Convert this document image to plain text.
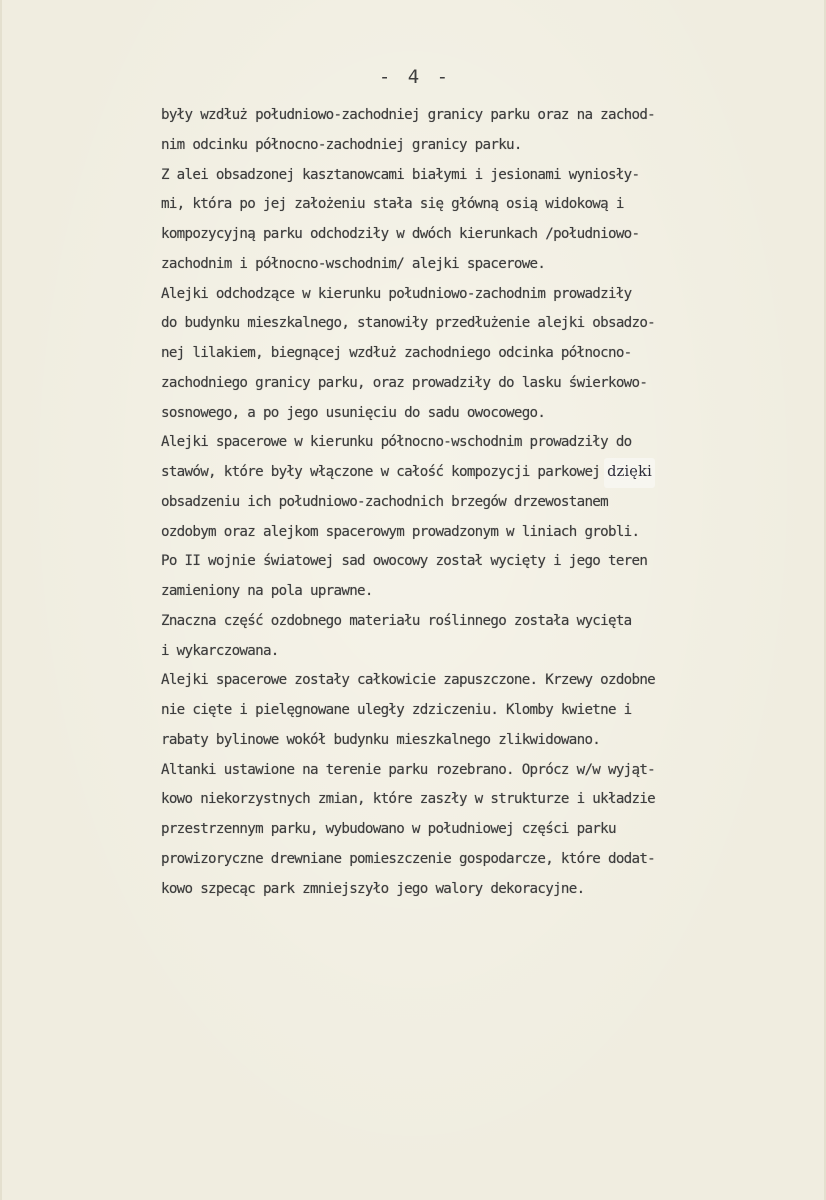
- 4 -
były wzdłuż południowo-zachodniej granicy parku oraz na zachod-
nim odcinku północno-zachodniej granicy parku.
Z alei obsadzonej kasztanowcami białymi i jesionami wyniosły-
mi, która po jej założeniu stała się główną osią widokową i
kompozycyjną parku odchodziły w dwóch kierunkach /południowo-
zachodnim i północno-wschodnim/ alejki spacerowe.
Alejki odchodzące w kierunku południowo-zachodnim prowadziły
do budynku mieszkalnego, stanowiły przedłużenie alejki obsadzo-
nej lilakiem, biegnącej wzdłuż zachodniego odcinka północno-
zachodniego granicy parku, oraz prowadziły do lasku świerkowo-
sosnowego, a po jego usunięciu do sadu owocowego.
Alejki spacerowe w kierunku północno-wschodnim prowadziły do
stawów, które były włączone w całość kompozycji parkowej dzięki
obsadzeniu ich południowo-zachodnich brzegów drzewostanem
ozdobym oraz alejkom spacerowym prowadzonym w liniach grobli.
Po II wojnie światowej sad owocowy został wycięty i jego teren
zamieniony na pola uprawne.
Znaczna część ozdobnego materiału roślinnego została wycięta
i wykarczowana.
Alejki spacerowe zostały całkowicie zapuszczone. Krzewy ozdobne
nie cięte i pielęgnowane uległy zdziczeniu. Klomby kwietne i
rabaty bylinowe wokół budynku mieszkalnego zlikwidowano.
Altanki ustawione na terenie parku rozebrano. Oprócz w/w wyjąt-
kowo niekorzystnych zmian, które zaszły w strukturze i układzie
przestrzennym parku, wybudowano w południowej części parku
prowizoryczne drewniane pomieszczenie gospodarcze, które dodat-
kowo szpecąc park zmniejszyło jego walory dekoracyjne.
